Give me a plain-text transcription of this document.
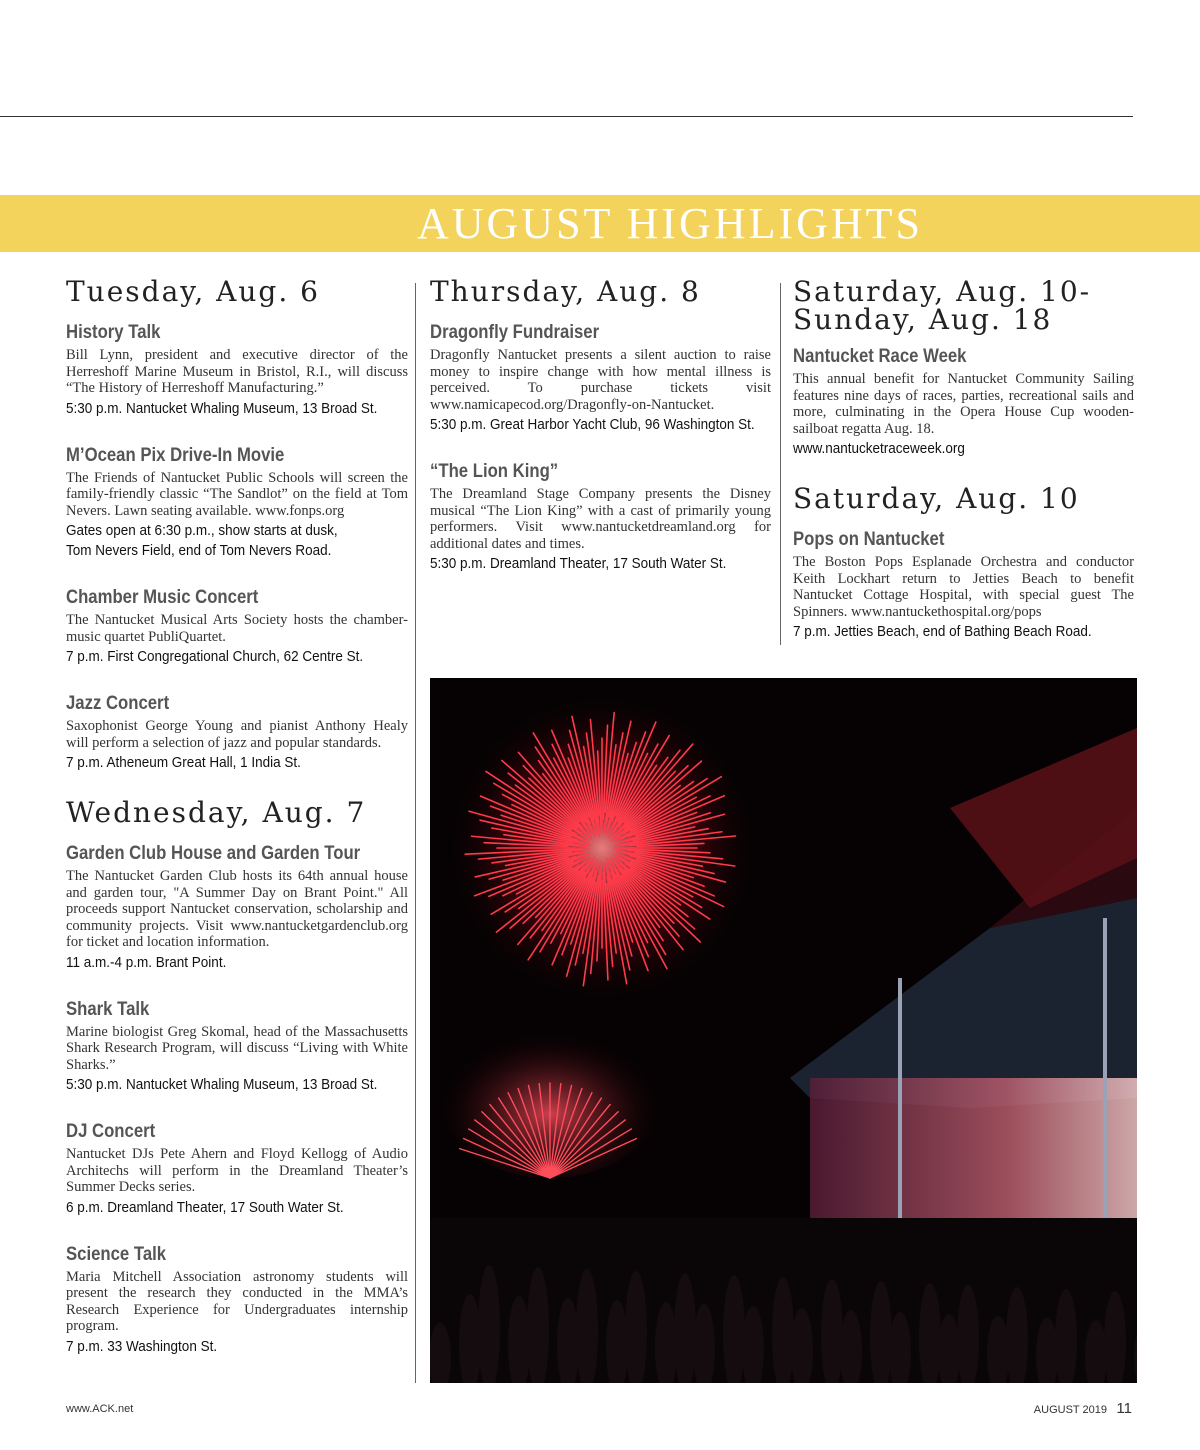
AUGUST HIGHLIGHTS
Tuesday, Aug. 6
History Talk
Bill Lynn, president and executive director of the Herreshoff Marine Museum in Bristol, R.I., will discuss “The History of Herreshoff Manufacturing.”
5:30 p.m. Nantucket Whaling Museum, 13 Broad St.
M’Ocean Pix Drive-In Movie
The Friends of Nantucket Public Schools will screen the family-friendly classic “The Sandlot” on the field at Tom Nevers. Lawn seating available. www.fonps.org
Gates open at 6:30 p.m., show starts at dusk,
Tom Nevers Field, end of Tom Nevers Road.
Chamber Music Concert
The Nantucket Musical Arts Society hosts the chamber-music quartet PubliQuartet.
7 p.m. First Congregational Church, 62 Centre St.
Jazz Concert
Saxophonist George Young and pianist Anthony Healy will perform a selection of jazz and popular standards.
7 p.m. Atheneum Great Hall, 1 India St.
Wednesday, Aug. 7
Garden Club House and Garden Tour
The Nantucket Garden Club hosts its 64th annual house and garden tour, "A Summer Day on Brant Point." All proceeds support Nantucket conservation, scholarship and community projects. Visit www.nantucketgardenclub.org for ticket and location information.
11 a.m.-4 p.m. Brant Point.
Shark Talk
Marine biologist Greg Skomal, head of the Massachusetts Shark Research Program, will discuss “Living with White Sharks.”
5:30 p.m. Nantucket Whaling Museum, 13 Broad St.
DJ Concert
Nantucket DJs Pete Ahern and Floyd Kellogg of Audio Architechs will perform in the Dreamland Theater’s Summer Decks series.
6 p.m. Dreamland Theater, 17 South Water St.
Science Talk
Maria Mitchell Association astronomy students will present the research they conducted in the MMA’s Research Experience for Undergraduates internship program.
7 p.m. 33 Washington St.
Thursday, Aug. 8
Dragonfly Fundraiser
Dragonfly Nantucket presents a silent auction to raise money to inspire change with how mental illness is perceived. To purchase tickets visit www.namicapecod.org/Dragonfly-on-Nantucket.
5:30 p.m. Great Harbor Yacht Club, 96 Washington St.
“The Lion King”
The Dreamland Stage Company presents the Disney musical “The Lion King” with a cast of primarily young performers. Visit www.nantucketdreamland.org for additional dates and times.
5:30 p.m. Dreamland Theater, 17 South Water St.
Saturday, Aug. 10-
Sunday, Aug. 18
Nantucket Race Week
This annual benefit for Nantucket Community Sailing features nine days of races, parties, recreational sails and more, culminating in the Opera House Cup wooden-sailboat regatta Aug. 18.
www.nantucketraceweek.org
Saturday, Aug. 10
Pops on Nantucket
The Boston Pops Esplanade Orchestra and conductor Keith Lockhart return to Jetties Beach to benefit Nantucket Cottage Hospital, with special guest The Spinners. www.nantuckethospital.org/pops
7 p.m. Jetties Beach, end of Bathing Beach Road.
www.ACK.net	AUGUST 2019 11
